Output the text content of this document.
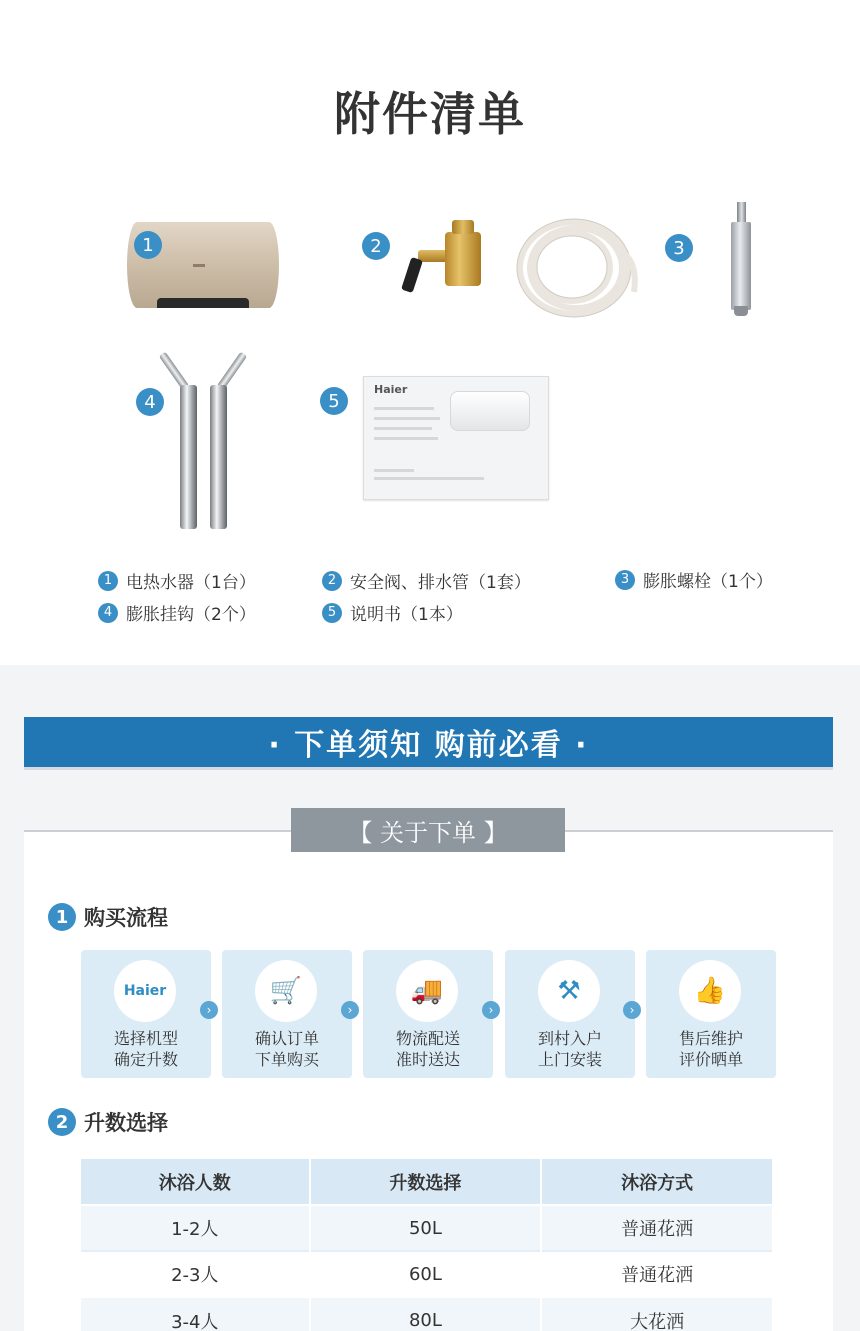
附件清单
1	2	3
4	5
Haier
1 电热水器（1台）	2 安全阀、排水管（1套）	3 膨胀螺栓（1个）
4 膨胀挂钩（2个）	5 说明书（1本）
· 下单须知 购前必看 ·
【 关于下单 】
1 购买流程
Haier
选择机型
确定升数
›
🛒
确认订单
下单购买
›
🚚
物流配送
准时送达
›
⚒
到村入户
上门安装
›
👍
售后维护
评价晒单
2 升数选择
沐浴人数	升数选择	沐浴方式
1-2人	50L	普通花洒
2-3人	60L	普通花洒
3-4人	80L	大花洒
